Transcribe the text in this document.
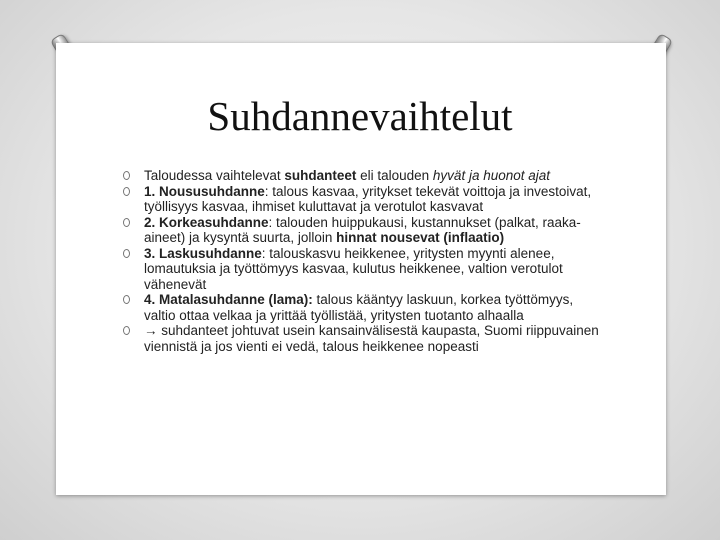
Suhdannevaihtelut
Taloudessa vaihtelevat suhdanteet eli talouden hyvät ja huonot ajat
1. Noususuhdanne: talous kasvaa, yritykset tekevät voittoja ja investoivat, työllisyys kasvaa, ihmiset kuluttavat ja verotulot kasvavat
2. Korkeasuhdanne: talouden huippukausi, kustannukset (palkat, raaka-aineet) ja kysyntä suurta, jolloin hinnat nousevat (inflaatio)
3. Laskusuhdanne: talouskasvu heikkenee, yritysten myynti alenee, lomautuksia ja työttömyys kasvaa, kulutus heikkenee, valtion verotulot vähenevät
4. Matalasuhdanne (lama): talous kääntyy laskuun, korkea työttömyys, valtio ottaa velkaa ja yrittää työllistää, yritysten tuotanto alhaalla
→ suhdanteet johtuvat usein kansainvälisestä kaupasta, Suomi riippuvainen viennistä ja jos vienti ei vedä, talous heikkenee nopeasti
